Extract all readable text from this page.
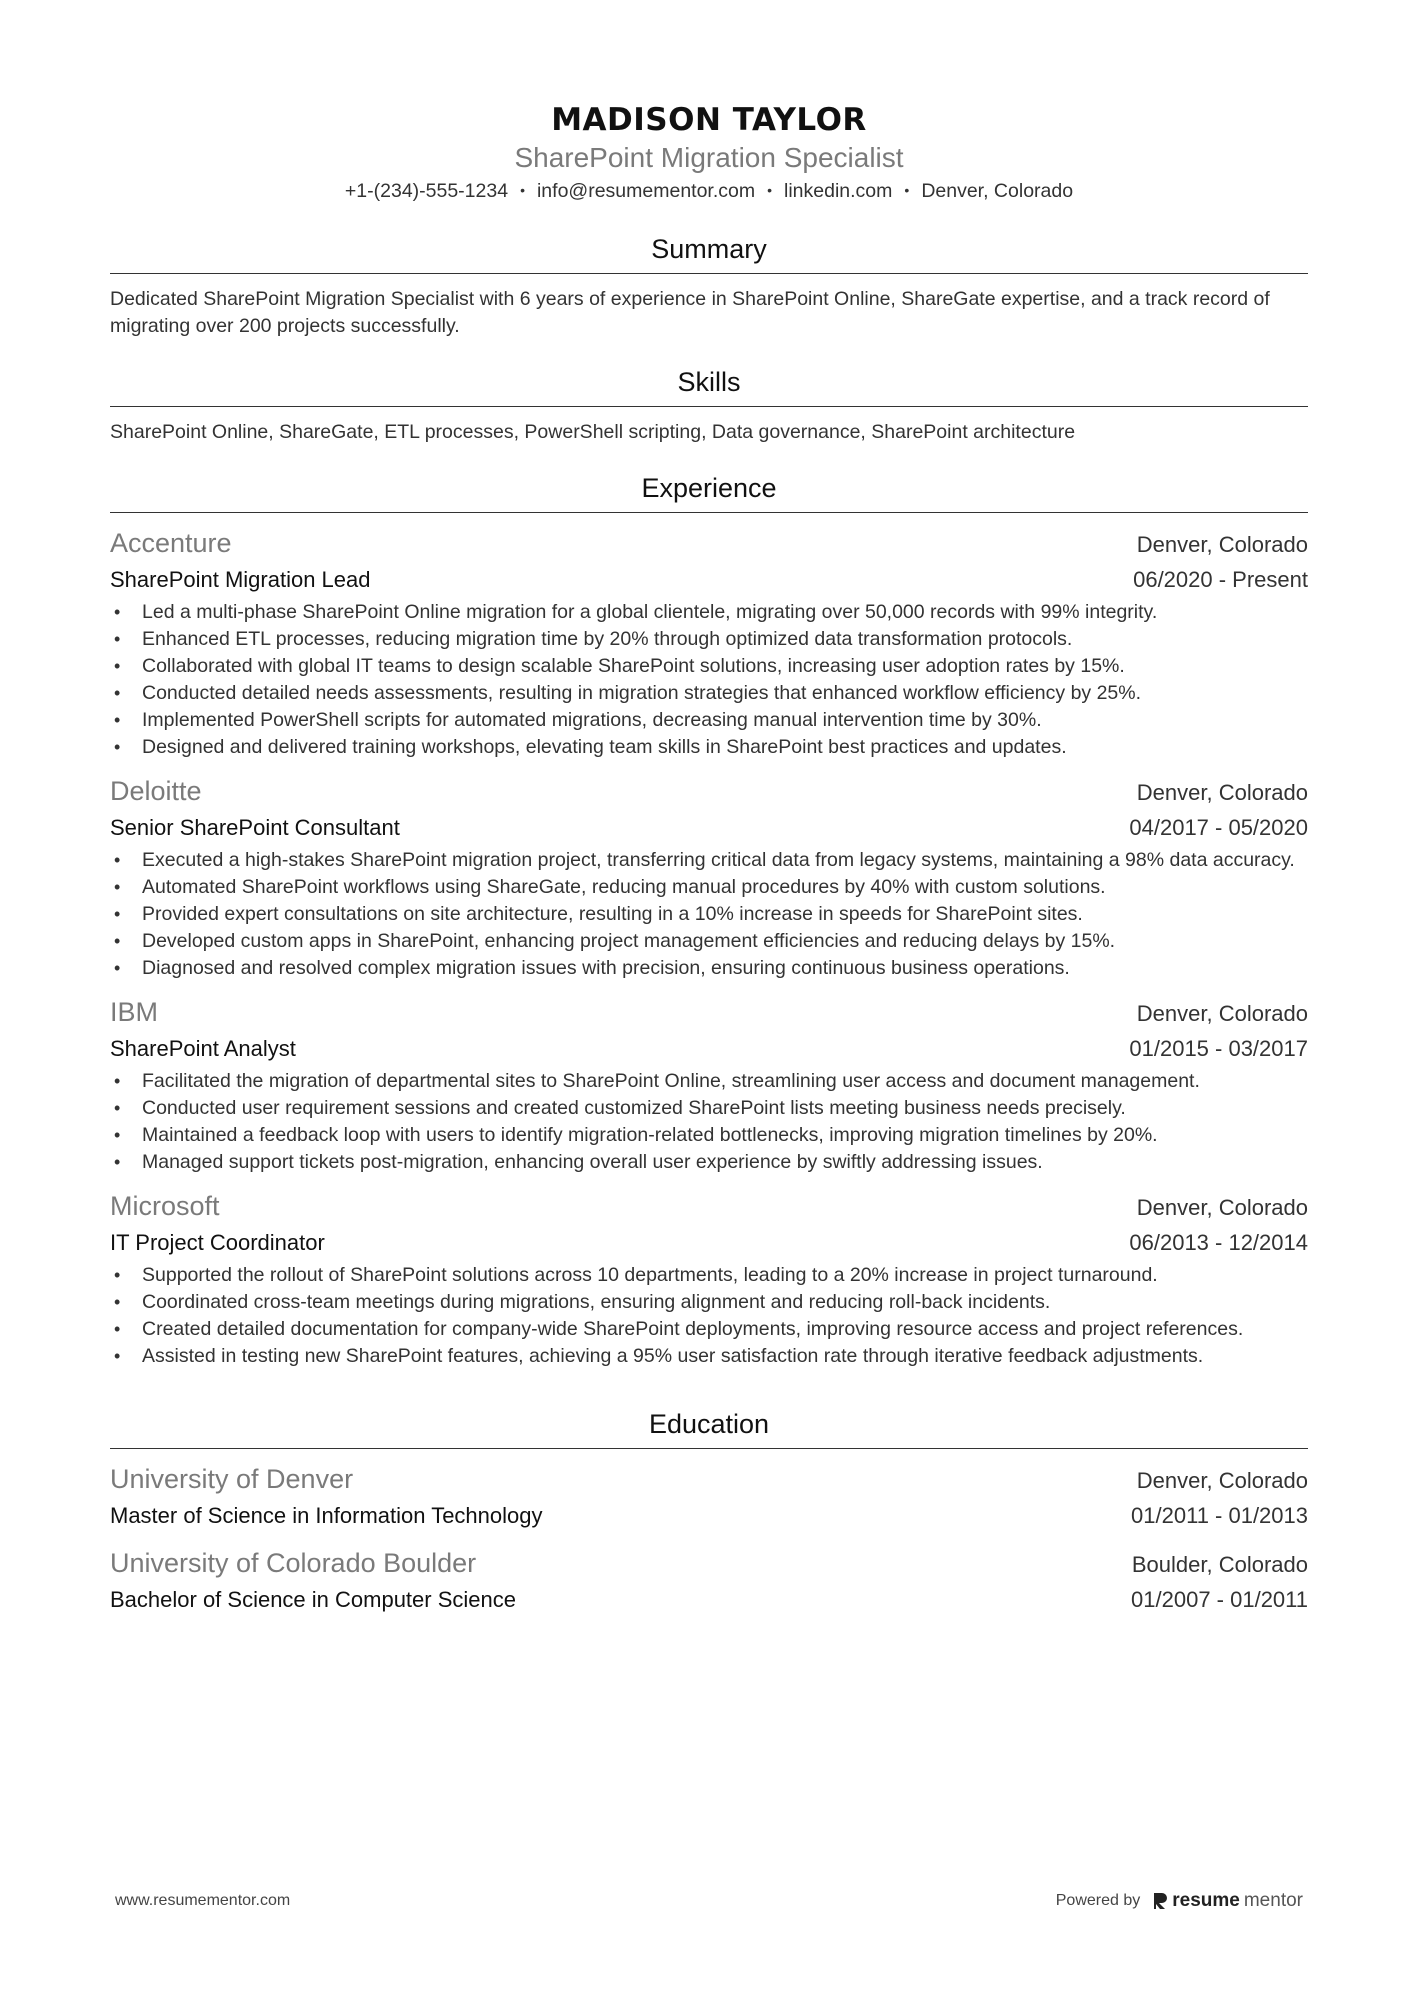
MADISON TAYLOR
SharePoint Migration Specialist
+1-(234)-555-1234 • info@resumementor.com • linkedin.com • Denver, Colorado
Summary
Dedicated SharePoint Migration Specialist with 6 years of experience in SharePoint Online, ShareGate expertise, and a track record of migrating over 200 projects successfully.
Skills
SharePoint Online, ShareGate, ETL processes, PowerShell scripting, Data governance, SharePoint architecture
Experience
Accenture	Denver, Colorado
SharePoint Migration Lead	06/2020 - Present
• Led a multi-phase SharePoint Online migration for a global clientele, migrating over 50,000 records with 99% integrity.
• Enhanced ETL processes, reducing migration time by 20% through optimized data transformation protocols.
• Collaborated with global IT teams to design scalable SharePoint solutions, increasing user adoption rates by 15%.
• Conducted detailed needs assessments, resulting in migration strategies that enhanced workflow efficiency by 25%.
• Implemented PowerShell scripts for automated migrations, decreasing manual intervention time by 30%.
• Designed and delivered training workshops, elevating team skills in SharePoint best practices and updates.
Deloitte	Denver, Colorado
Senior SharePoint Consultant	04/2017 - 05/2020
• Executed a high-stakes SharePoint migration project, transferring critical data from legacy systems, maintaining a 98% data accuracy.
• Automated SharePoint workflows using ShareGate, reducing manual procedures by 40% with custom solutions.
• Provided expert consultations on site architecture, resulting in a 10% increase in speeds for SharePoint sites.
• Developed custom apps in SharePoint, enhancing project management efficiencies and reducing delays by 15%.
• Diagnosed and resolved complex migration issues with precision, ensuring continuous business operations.
IBM	Denver, Colorado
SharePoint Analyst	01/2015 - 03/2017
• Facilitated the migration of departmental sites to SharePoint Online, streamlining user access and document management.
• Conducted user requirement sessions and created customized SharePoint lists meeting business needs precisely.
• Maintained a feedback loop with users to identify migration-related bottlenecks, improving migration timelines by 20%.
• Managed support tickets post-migration, enhancing overall user experience by swiftly addressing issues.
Microsoft	Denver, Colorado
IT Project Coordinator	06/2013 - 12/2014
• Supported the rollout of SharePoint solutions across 10 departments, leading to a 20% increase in project turnaround.
• Coordinated cross-team meetings during migrations, ensuring alignment and reducing roll-back incidents.
• Created detailed documentation for company-wide SharePoint deployments, improving resource access and project references.
• Assisted in testing new SharePoint features, achieving a 95% user satisfaction rate through iterative feedback adjustments.
Education
University of Denver	Denver, Colorado
Master of Science in Information Technology	01/2011 - 01/2013
University of Colorado Boulder	Boulder, Colorado
Bachelor of Science in Computer Science	01/2007 - 01/2011
www.resumementor.com	Powered by resume mentor
